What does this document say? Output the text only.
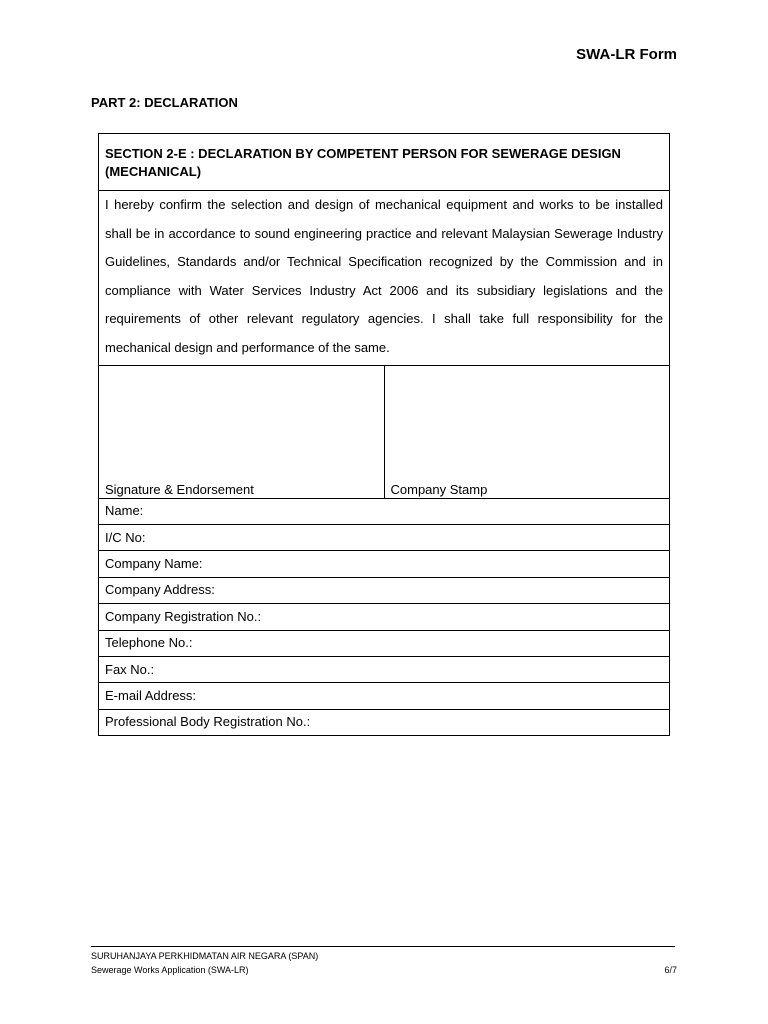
SWA-LR Form
PART 2: DECLARATION
SECTION 2-E : DECLARATION BY COMPETENT PERSON FOR SEWERAGE DESIGN (MECHANICAL)
I hereby confirm the selection and design of mechanical equipment and works to be installed shall be in accordance to sound engineering practice and relevant Malaysian Sewerage Industry Guidelines, Standards and/or Technical Specification recognized by the Commission and in compliance with Water Services Industry Act 2006 and its subsidiary legislations and the requirements of other relevant regulatory agencies. I shall take full responsibility for the mechanical design and performance of the same.
Signature & Endorsement	Company Stamp
Name:
I/C No:
Company Name:
Company Address:
Company Registration No.:
Telephone No.:
Fax No.:
E-mail Address:
Professional Body Registration No.:
SURUHANJAYA PERKHIDMATAN AIR NEGARA (SPAN)
Sewerage Works Application (SWA-LR)	6/7
